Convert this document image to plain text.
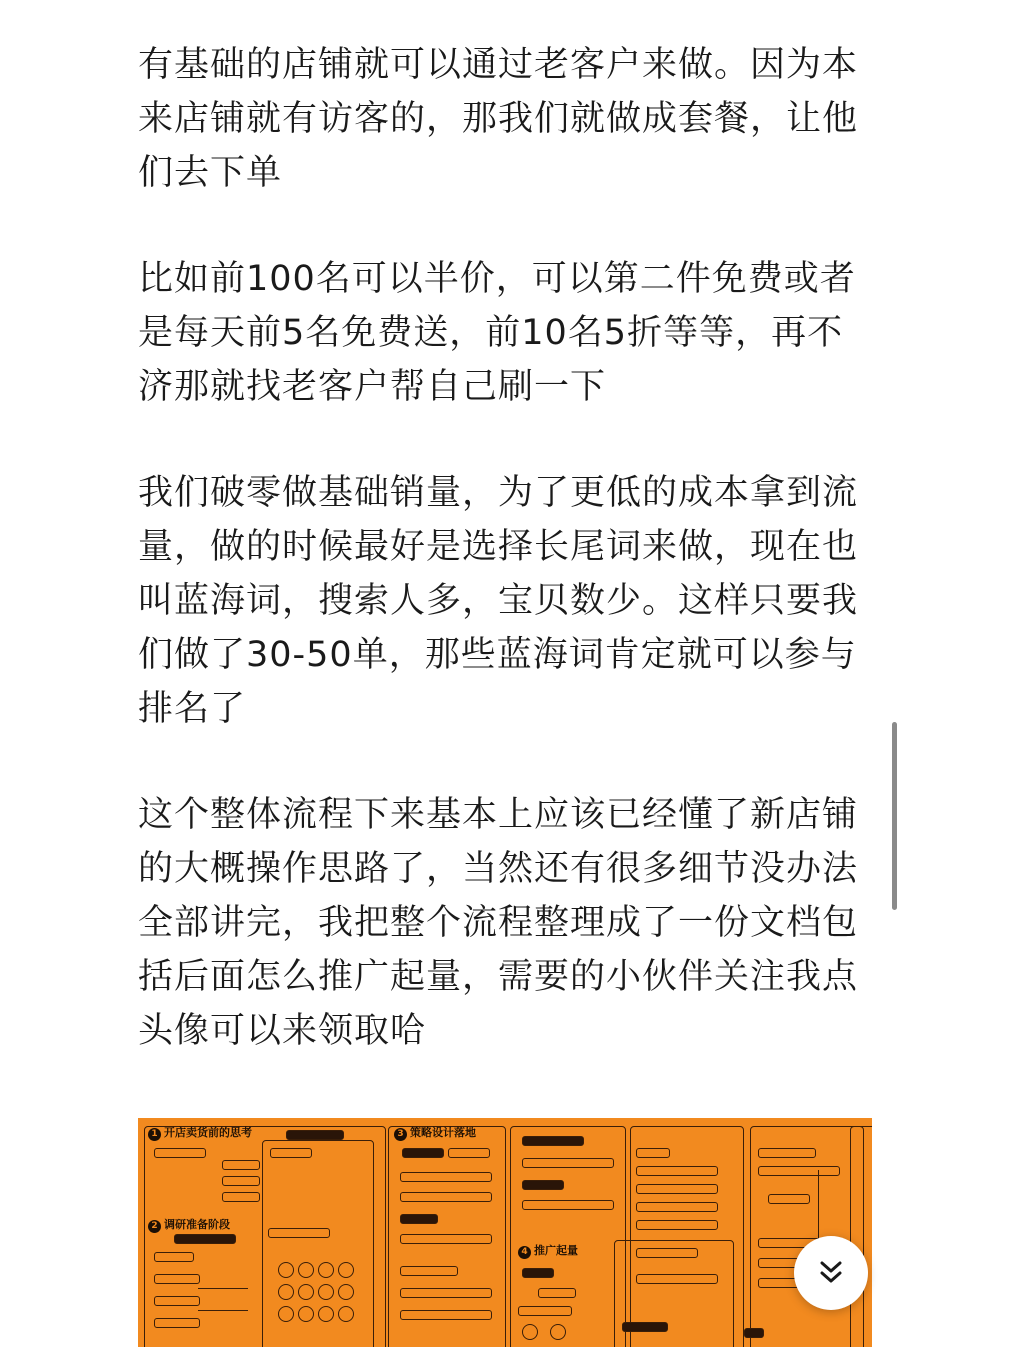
有基础的店铺就可以通过老客户来做。因为本来店铺就有访客的，那我们就做成套餐，让他们去下单

比如前100名可以半价，可以第二件免费或者是每天前5名免费送，前10名5折等等，再不济那就找老客户帮自己刷一下

我们破零做基础销量，为了更低的成本拿到流量，做的时候最好是选择长尾词来做，现在也叫蓝海词，搜索人多，宝贝数少。这样只要我们做了30-50单，那些蓝海词肯定就可以参与排名了

这个整体流程下来基本上应该已经懂了新店铺的大概操作思路了，当然还有很多细节没办法全部讲完，我把整个流程整理成了一份文档包括后面怎么推广起量，需要的小伙伴关注我点头像可以来领取哈

1 开店卖货前的思考
2 调研准备阶段
3 策略设计落地
4 推广起量
